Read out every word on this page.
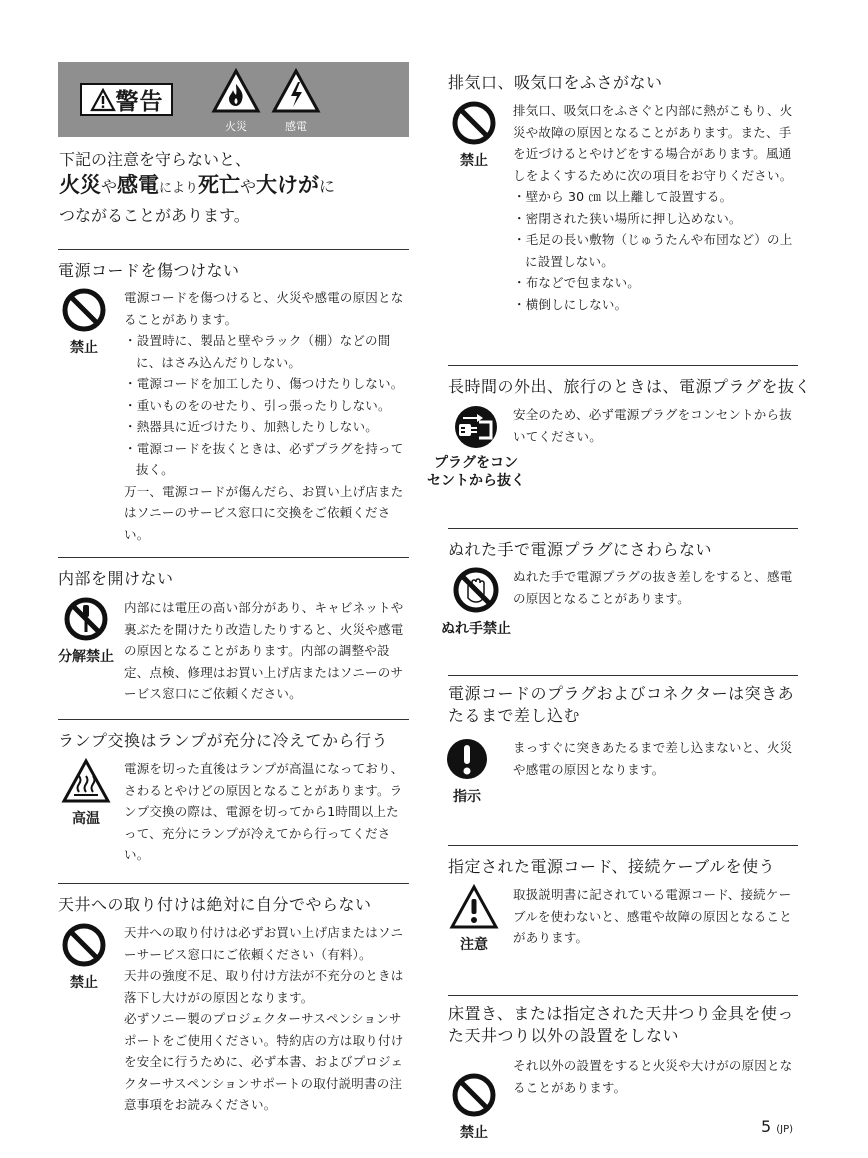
警告
火災	感電
下記の注意を守らないと、
火災や感電により死亡や大けがに
つながることがあります。
電源コードを傷つけない
禁止
電源コードを傷つけると、火災や感電の原因となることがあります。
・設置時に、製品と壁やラック（棚）などの間に、はさみ込んだりしない。
・電源コードを加工したり、傷つけたりしない。
・重いものをのせたり、引っ張ったりしない。
・熱器具に近づけたり、加熱したりしない。
・電源コードを抜くときは、必ずプラグを持って抜く。
万一、電源コードが傷んだら、お買い上げ店またはソニーのサービス窓口に交換をご依頼ください。
内部を開けない
分解禁止
内部には電圧の高い部分があり、キャビネットや裏ぶたを開けたり改造したりすると、火災や感電の原因となることがあります。内部の調整や設定、点検、修理はお買い上げ店またはソニーのサービス窓口にご依頼ください。
ランプ交換はランプが充分に冷えてから行う
高温
電源を切った直後はランプが高温になっており、さわるとやけどの原因となることがあります。ランプ交換の際は、電源を切ってから1時間以上たって、充分にランプが冷えてから行ってください。
天井への取り付けは絶対に自分でやらない
禁止
天井への取り付けは必ずお買い上げ店またはソニーサービス窓口にご依頼ください（有料）。
天井の強度不足、取り付け方法が不充分のときは落下し大けがの原因となります。
必ずソニー製のプロジェクターサスペンションサポートをご使用ください。特約店の方は取り付けを安全に行うために、必ず本書、およびプロジェクターサスペンションサポートの取付説明書の注意事項をお読みください。
排気口、吸気口をふさがない
禁止
排気口、吸気口をふさぐと内部に熱がこもり、火災や故障の原因となることがあります。また、手を近づけるとやけどをする場合があります。風通しをよくするために次の項目をお守りください。
・壁から 30 ㎝ 以上離して設置する。
・密閉された狭い場所に押し込めない。
・毛足の長い敷物（じゅうたんや布団など）の上に設置しない。
・布などで包まない。
・横倒しにしない。
長時間の外出、旅行のときは、電源プラグを抜く
プラグをコン
セントから抜く
安全のため、必ず電源プラグをコンセントから抜いてください。
ぬれた手で電源プラグにさわらない
ぬれ手禁止
ぬれた手で電源プラグの抜き差しをすると、感電の原因となることがあります。
電源コードのプラグおよびコネクターは突きあたるまで差し込む
指示
まっすぐに突きあたるまで差し込まないと、火災や感電の原因となります。
指定された電源コード、接続ケーブルを使う
注意
取扱説明書に記されている電源コード、接続ケーブルを使わないと、感電や故障の原因となることがあります。
床置き、または指定された天井つり金具を使った天井つり以外の設置をしない
禁止
それ以外の設置をすると火災や大けがの原因となることがあります。
5 (JP)
